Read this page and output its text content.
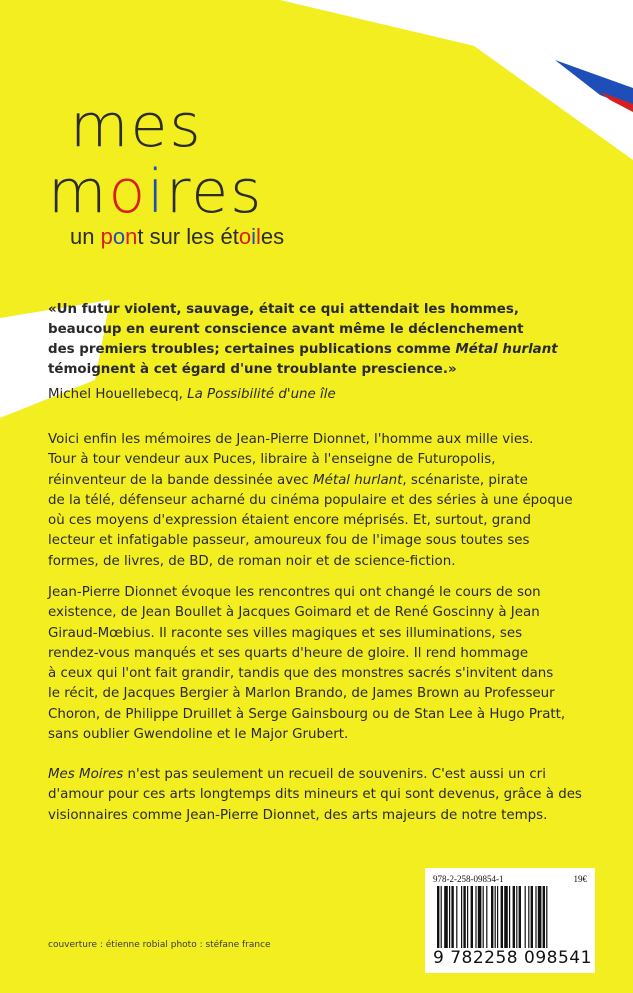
mes
moires
un pont sur les étoiles
«Un futur violent, sauvage, était ce qui attendait les hommes,
beaucoup en eurent conscience avant même le déclenchement
des premiers troubles; certaines publications comme Métal hurlant
témoignent à cet égard d'une troublante prescience.»
Michel Houellebecq, La Possibilité d'une île
Voici enfin les mémoires de Jean-Pierre Dionnet, l'homme aux mille vies.
Tour à tour vendeur aux Puces, libraire à l'enseigne de Futuropolis,
réinventeur de la bande dessinée avec Métal hurlant, scénariste, pirate
de la télé, défenseur acharné du cinéma populaire et des séries à une époque
où ces moyens d'expression étaient encore méprisés. Et, surtout, grand
lecteur et infatigable passeur, amoureux fou de l'image sous toutes ses
formes, de livres, de BD, de roman noir et de science-fiction.
Jean-Pierre Dionnet évoque les rencontres qui ont changé le cours de son
existence, de Jean Boullet à Jacques Goimard et de René Goscinny à Jean
Giraud-Mœbius. Il raconte ses villes magiques et ses illuminations, ses
rendez-vous manqués et ses quarts d'heure de gloire. Il rend hommage
à ceux qui l'ont fait grandir, tandis que des monstres sacrés s'invitent dans
le récit, de Jacques Bergier à Marlon Brando, de James Brown au Professeur
Choron, de Philippe Druillet à Serge Gainsbourg ou de Stan Lee à Hugo Pratt,
sans oublier Gwendoline et le Major Grubert.
Mes Moires n'est pas seulement un recueil de souvenirs. C'est aussi un cri
d'amour pour ces arts longtemps dits mineurs et qui sont devenus, grâce à des
visionnaires comme Jean-Pierre Dionnet, des arts majeurs de notre temps.
couverture : étienne robial photo : stéfane france
978-2-258-09854-1	19€
9 782258 098541
